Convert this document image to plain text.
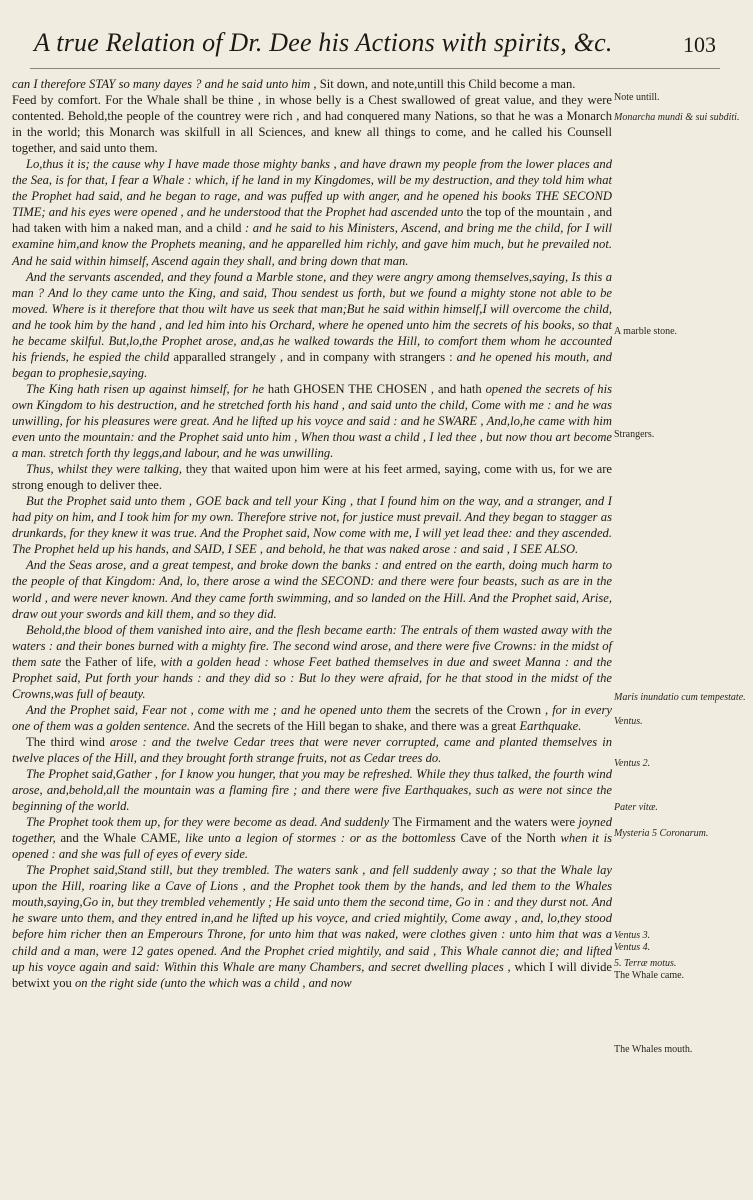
A true Relation of Dr. Dee his Actions with spirits, &c.	103

can I therefore STAY so many dayes ? and he said unto him , Sit down, and note,untill this Child become a man.

Feed by comfort. For the Whale shall be thine , in whose belly is a Chest swallowed of great value, and they were contented. Behold,the people of the countrey were rich , and had conquered many Nations, so that he was a Monarch in the world; this Monarch was skilfull in all Sciences, and knew all things to come, and he called his Counsell together, and said unto them.

Lo,thus it is; the cause why I have made those mighty banks , and have drawn my people from the lower places and the Sea, is for that, I fear a Whale : which, if he land in my Kingdomes, will be my destruction, and they told him what the Prophet had said, and he began to rage, and was puffed up with anger, and he opened his books THE SECOND TIME; and his eyes were opened , and he understood that the Prophet had ascended unto the top of the mountain , and had taken with him a naked man, and a child : and he said to his Ministers, Ascend, and bring me the child, for I will examine him,and know the Prophets meaning, and he apparelled him richly, and gave him much, but he prevailed not. And he said within himself, Ascend again they shall, and bring down that man.

And the servants ascended, and they found a Marble stone, and they were angry among themselves,saying, Is this a man ? And lo they came unto the King, and said, Thou sendest us forth, but we found a mighty stone not able to be moved. Where is it therefore that thou wilt have us seek that man;But he said within himself,I will overcome the child, and he took him by the hand , and led him into his Orchard, where he opened unto him the secrets of his books, so that he became skilful. But,lo,the Prophet arose, and,as he walked towards the Hill, to comfort them whom he accounted his friends, he espied the child apparalled strangely , and in company with strangers : and he opened his mouth, and began to prophesie,saying.

The King hath risen up against himself, for he hath GHOSEN THE CHOSEN , and hath opened the secrets of his own Kingdom to his destruction, and he stretched forth his hand , and said unto the child, Come with me : and he was unwilling, for his pleasures were great. And he lifted up his voyce and said : and he SWARE , And,lo,he came with him even unto the mountain: and the Prophet said unto him , When thou wast a child , I led thee , but now thou art become a man. stretch forth thy leggs,and labour, and he was unwilling.

Thus, whilst they were talking, they that waited upon him were at his feet armed, saying, come with us, for we are strong enough to deliver thee.

But the Prophet said unto them , GOE back and tell your King , that I found him on the way, and a stranger, and I had pity on him, and I took him for my own. Therefore strive not, for justice must prevail. And they began to stagger as drunkards, for they knew it was true. And the Prophet said, Now come with me, I will yet lead thee: and they ascended. The Prophet held up his hands, and SAID, I SEE , and behold, he that was naked arose : and said , I SEE ALSO.

And the Seas arose, and a great tempest, and broke down the banks : and entred on the earth, doing much harm to the people of that Kingdom: And, lo, there arose a wind the SECOND: and there were four beasts, such as are in the world , and were never known. And they came forth swimming, and so landed on the Hill. And the Prophet said, Arise, draw out your swords and kill them, and so they did.

Behold,the blood of them vanished into aire, and the flesh became earth: The entrals of them wasted away with the waters : and their bones burned with a mighty fire. The second wind arose, and there were five Crowns: in the midst of them sate the Father of life, with a golden head : whose Feet bathed themselves in due and sweet Manna : and the Prophet said, Put forth your hands : and they did so : But lo they were afraid, for he that stood in the midst of the Crowns,was full of beauty.

And the Prophet said, Fear not , come with me ; and he opened unto them the secrets of the Crown , for in every one of them was a golden sentence. And the secrets of the Hill began to shake, and there was a great Earthquake.

The third wind arose : and the twelve Cedar trees that were never corrupted, came and planted themselves in twelve places of the Hill, and they brought forth strange fruits, not as Cedar trees do.

The Prophet said,Gather , for I know you hunger, that you may be refreshed. While they thus talked, the fourth wind arose, and,behold,all the mountain was a flaming fire ; and there were five Earthquakes, such as were not since the beginning of the world.

The Prophet took them up, for they were become as dead. And suddenly The Firmament and the waters were joyned together, and the Whale CAME, like unto a legion of stormes : or as the bottomless Cave of the North when it is opened : and she was full of eyes of every side.

The Prophet said,Stand still, but they trembled. The waters sank , and fell suddenly away ; so that the Whale lay upon the Hill, roaring like a Cave of Lions , and the Prophet took them by the hands, and led them to the Whales mouth,saying,Go in, but they trembled vehemently ; He said unto them the second time, Go in : and they durst not. And he sware unto them, and they entred in,and he lifted up his voyce, and cried mightily, Come away , and, lo,they stood before him richer then an Emperours Throne, for unto him that was naked, were clothes given : unto him that was a child and a man, were 12 gates opened. And the Prophet cried mightily, and said , This Whale cannot die; and lifted up his voyce again and said: Within this Whale are many Chambers, and secret dwelling places , which I will divide betwixt you on the right side (unto the which was a child , and now

Note untill.
Monarcha mundi & sui subditi.
A marble stone.
Strangers.
Maris inundatio cum tempestate.
Ventus.
Ventus 2.
Pater vitæ.
Mysteria 5 Coronarum.
Ventus 3.
Ventus 4.
5. Terræ motus.
The Whale came.
The Whales mouth.
